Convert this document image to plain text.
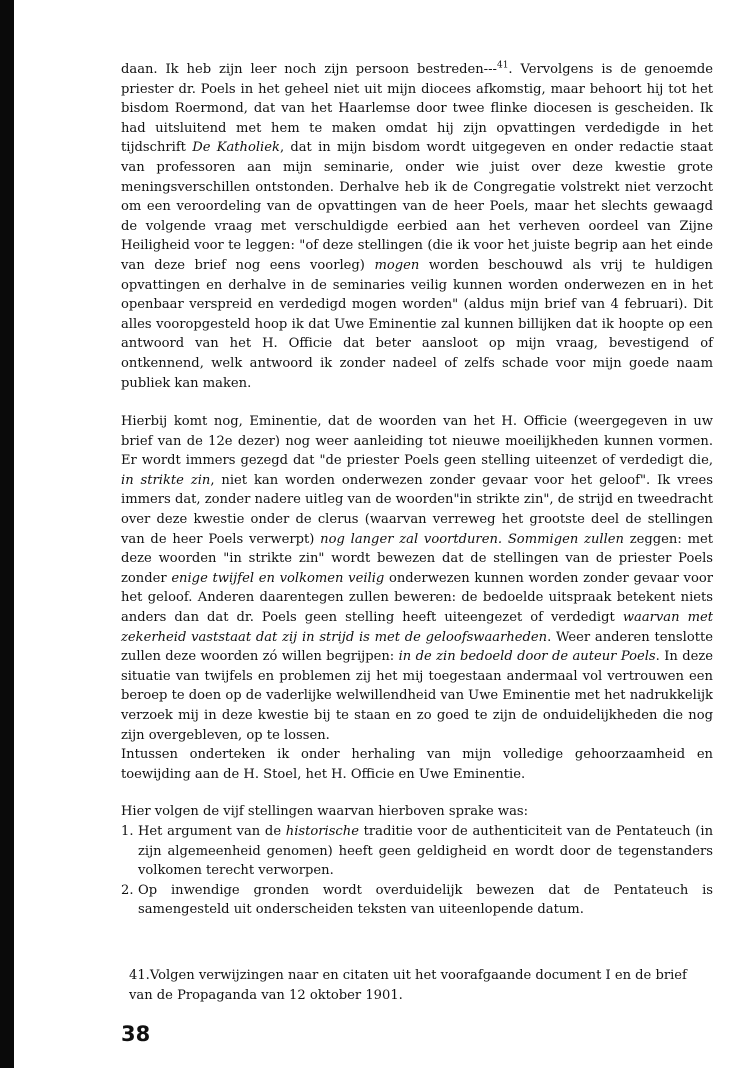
daan. Ik heb zijn leer noch zijn persoon bestreden---$^{41}$. Vervolgens is de genoemde priester dr. Poels in het geheel niet uit mijn diocees afkomstig, maar behoort hij tot het bisdom Roermond, dat van het Haarlemse door twee flinke diocesen is gescheiden. Ik had uitsluitend met hem te maken omdat hij zijn opvattingen verdedigde in het tijdschrift De Katholiek, dat in mijn bisdom wordt uitgegeven en onder redactie staat van professoren aan mijn seminarie, onder wie juist over deze kwestie grote meningsverschillen ontstonden. Derhalve heb ik de Congregatie volstrekt niet verzocht om een veroordeling van de opvattingen van de heer Poels, maar het slechts gewaagd de volgende vraag met verschuldigde eerbied aan het verheven oordeel van Zijne Heiligheid voor te leggen: "of deze stellingen (die ik voor het juiste begrip aan het einde van deze brief nog eens voorleg) mogen worden beschouwd als vrij te huldigen opvattingen en derhalve in de seminaries veilig kunnen worden onderwezen en in het openbaar verspreid en verdedigd mogen worden" (aldus mijn brief van 4 februari). Dit alles vooropgesteld hoop ik dat Uwe Eminentie zal kunnen billijken dat ik hoopte op een antwoord van het H. Officie dat beter aansloot op mijn vraag, bevestigend of ontkennend, welk antwoord ik zonder nadeel of zelfs schade voor mijn goede naam publiek kan maken.

Hierbij komt nog, Eminentie, dat de woorden van het H. Officie (weergegeven in uw brief van de 12e dezer) nog weer aanleiding tot nieuwe moeilijkheden kunnen vormen. Er wordt immers gezegd dat "de priester Poels geen stelling uiteenzet of verdedigt die, in strikte zin, niet kan worden onderwezen zonder gevaar voor het geloof". Ik vrees immers dat, zonder nadere uitleg van de woorden"in strikte zin", de strijd en tweedracht over deze kwestie onder de clerus (waarvan verreweg het grootste deel de stellingen van de heer Poels verwerpt) nog langer zal voortduren. Sommigen zullen zeggen: met deze woorden "in strikte zin" wordt bewezen dat de stellingen van de priester Poels zonder enige twijfel en volkomen veilig onderwezen kunnen worden zonder gevaar voor het geloof. Anderen daarentegen zullen beweren: de bedoelde uitspraak betekent niets anders dan dat dr. Poels geen stelling heeft uiteengezet of verdedigt waarvan met zekerheid vaststaat dat zij in strijd is met de geloofswaarheden. Weer anderen tenslotte zullen deze woorden zó willen begrijpen: in de zin bedoeld door de auteur Poels. In deze situatie van twijfels en problemen zij het mij toegestaan andermaal vol vertrouwen een beroep te doen op de vaderlijke welwillendheid van Uwe Eminentie met het nadrukkelijk verzoek mij in deze kwestie bij te staan en zo goed te zijn de onduidelijkheden die nog zijn overgebleven, op te lossen.

Intussen onderteken ik onder herhaling van mijn volledige gehoorzaamheid en toewijding aan de H. Stoel, het H. Officie en Uwe Eminentie.

Hier volgen de vijf stellingen waarvan hierboven sprake was:

1. Het argument van de historische traditie voor de authenticiteit van de Pentateuch (in zijn algemeenheid genomen) heeft geen geldigheid en wordt door de tegenstanders volkomen terecht verworpen.
2. Op inwendige gronden wordt overduidelijk bewezen dat de Pentateuch is samengesteld uit onderscheiden teksten van uiteenlopende datum.
41.Volgen verwijzingen naar en citaten uit het voorafgaande document I en de brief van de Propaganda van 12 oktober 1901.
38
